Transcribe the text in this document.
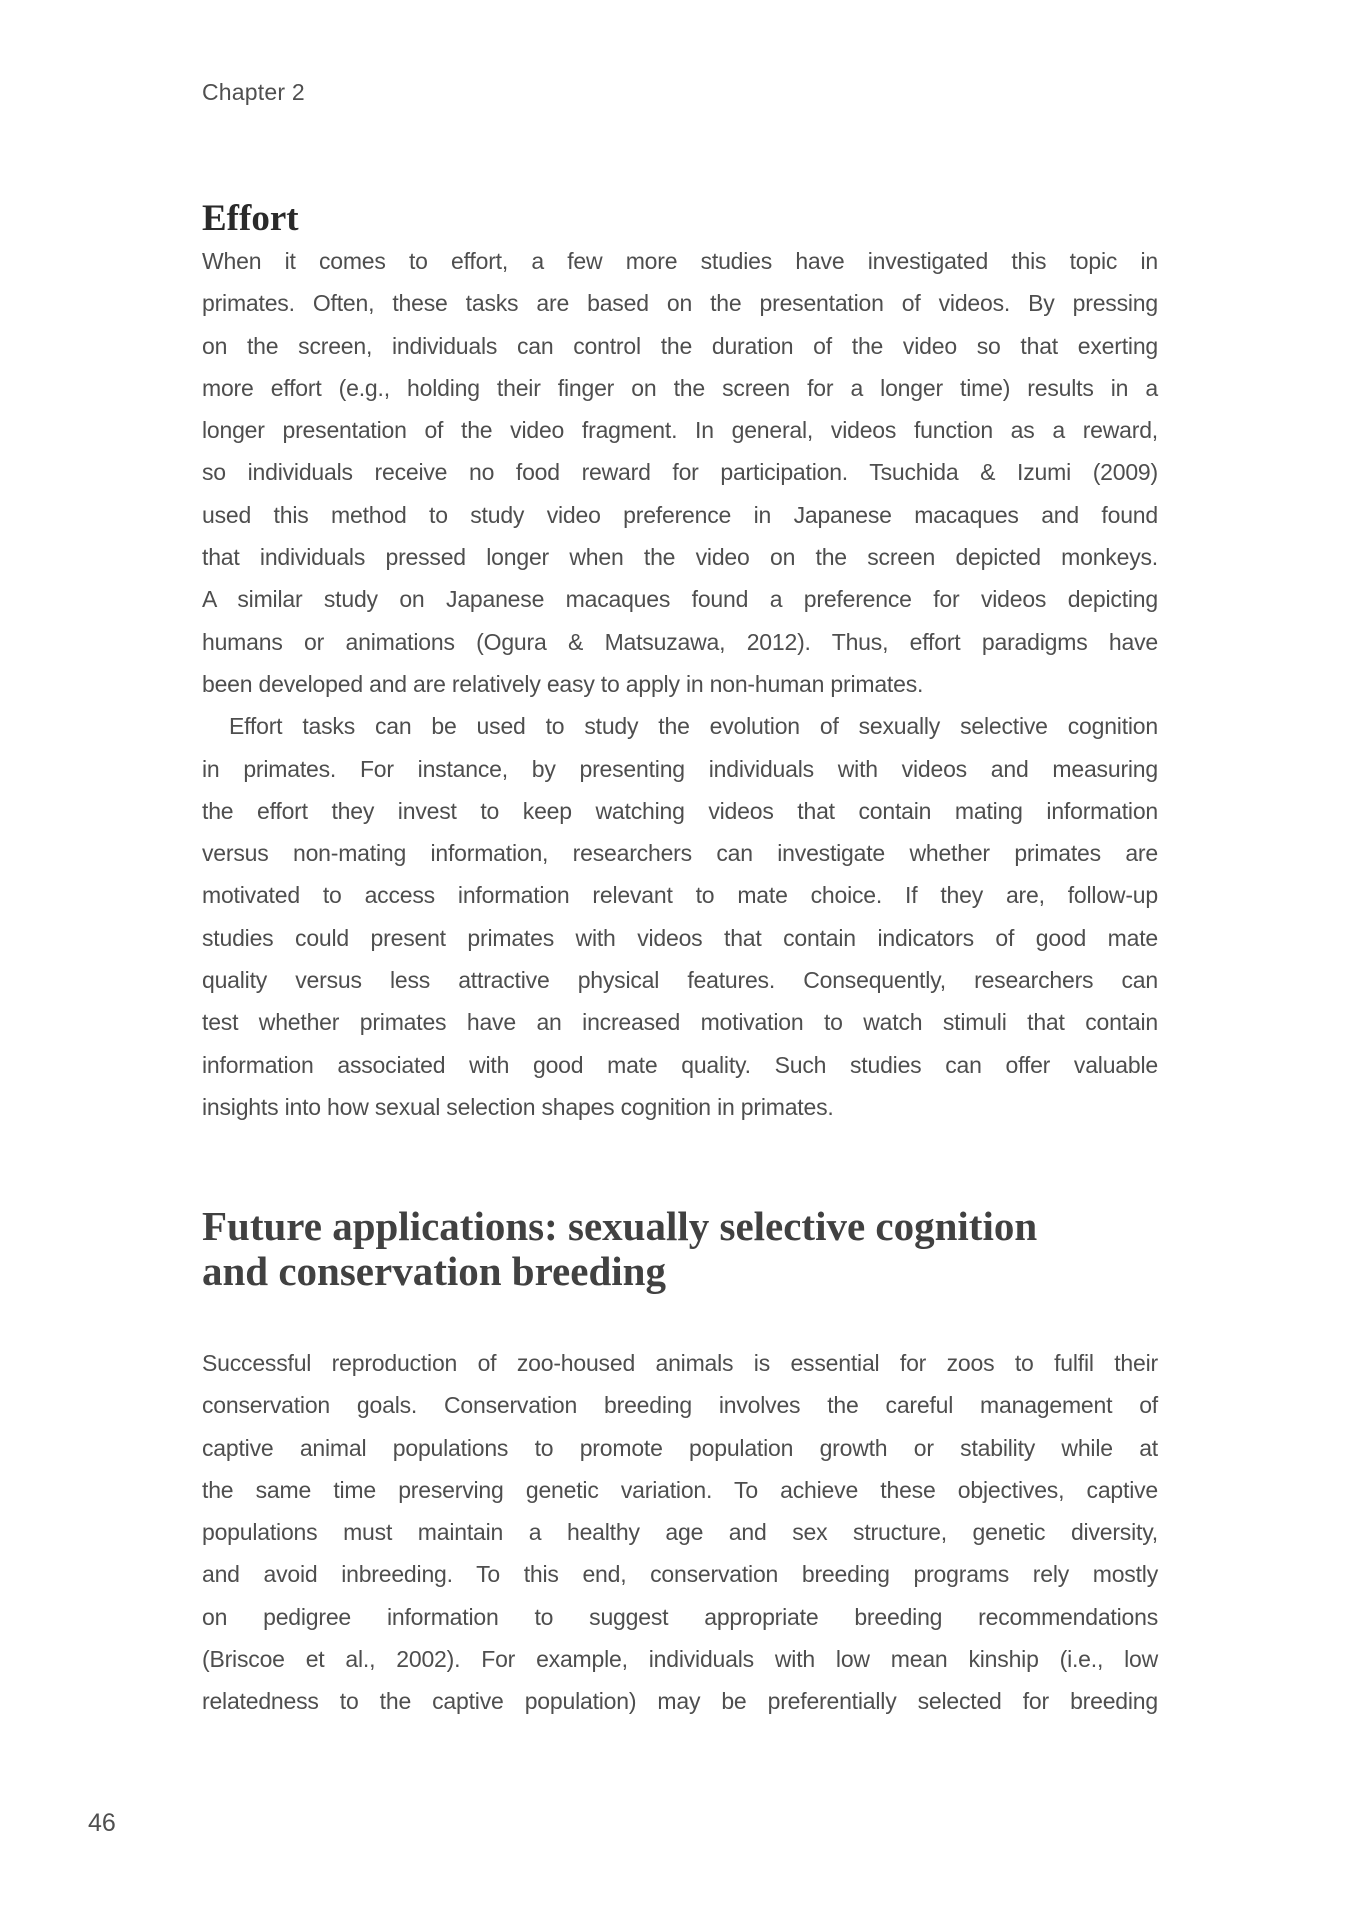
Chapter 2
Effort
When it comes to effort, a few more studies have investigated this topic in
primates. Often, these tasks are based on the presentation of videos. By pressing
on the screen, individuals can control the duration of the video so that exerting
more effort (e.g., holding their finger on the screen for a longer time) results in a
longer presentation of the video fragment. In general, videos function as a reward,
so individuals receive no food reward for participation. Tsuchida & Izumi (2009)
used this method to study video preference in Japanese macaques and found
that individuals pressed longer when the video on the screen depicted monkeys.
A similar study on Japanese macaques found a preference for videos depicting
humans or animations (Ogura & Matsuzawa, 2012). Thus, effort paradigms have
been developed and are relatively easy to apply in non-human primates.
Effort tasks can be used to study the evolution of sexually selective cognition
in primates. For instance, by presenting individuals with videos and measuring
the effort they invest to keep watching videos that contain mating information
versus non-mating information, researchers can investigate whether primates are
motivated to access information relevant to mate choice. If they are, follow-up
studies could present primates with videos that contain indicators of good mate
quality versus less attractive physical features. Consequently, researchers can
test whether primates have an increased motivation to watch stimuli that contain
information associated with good mate quality. Such studies can offer valuable
insights into how sexual selection shapes cognition in primates.
Future applications: sexually selective cognition
and conservation breeding
Successful reproduction of zoo-housed animals is essential for zoos to fulfil their
conservation goals. Conservation breeding involves the careful management of
captive animal populations to promote population growth or stability while at
the same time preserving genetic variation. To achieve these objectives, captive
populations must maintain a healthy age and sex structure, genetic diversity,
and avoid inbreeding. To this end, conservation breeding programs rely mostly
on pedigree information to suggest appropriate breeding recommendations
(Briscoe et al., 2002). For example, individuals with low mean kinship (i.e., low
relatedness to the captive population) may be preferentially selected for breeding
46
